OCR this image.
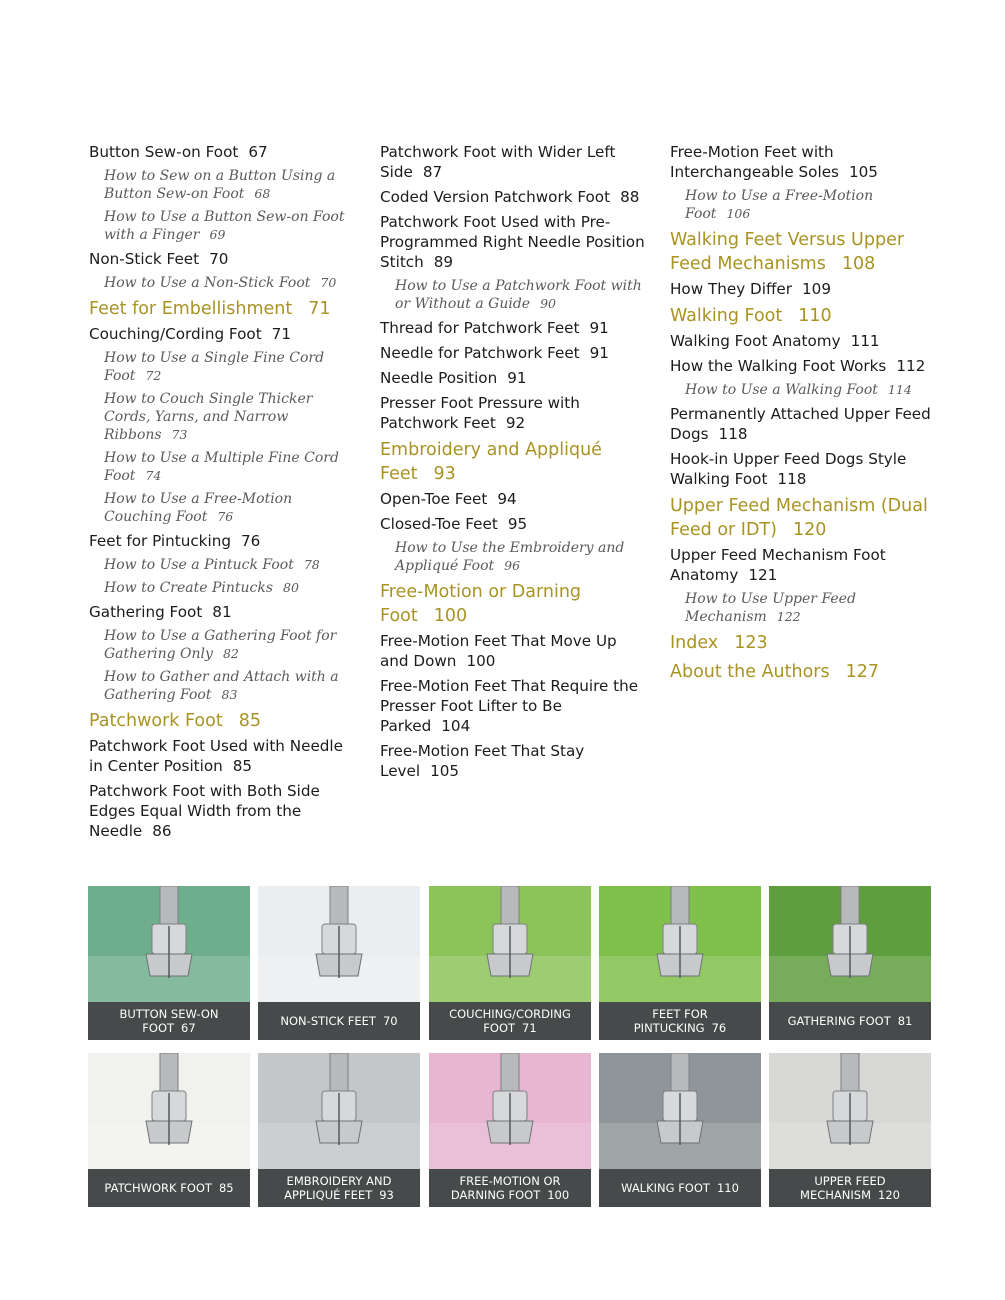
Button Sew-on Foot 67
How to Sew on a Button Using a Button Sew-on Foot 68
How to Use a Button Sew-on Foot with a Finger 69
Non-Stick Feet 70
How to Use a Non-Stick Foot 70
Feet for Embellishment 71
Couching/Cording Foot 71
How to Use a Single Fine Cord Foot 72
How to Couch Single Thicker Cords, Yarns, and Narrow Ribbons 73
How to Use a Multiple Fine Cord Foot 74
How to Use a Free-Motion Couching Foot 76
Feet for Pintucking 76
How to Use a Pintuck Foot 78
How to Create Pintucks 80
Gathering Foot 81
How to Use a Gathering Foot for Gathering Only 82
How to Gather and Attach with a Gathering Foot 83
Patchwork Foot 85
Patchwork Foot Used with Needle in Center Position 85
Patchwork Foot with Both Side Edges Equal Width from the Needle 86
Patchwork Foot with Wider Left Side 87
Coded Version Patchwork Foot 88
Patchwork Foot Used with Pre-Programmed Right Needle Position Stitch 89
How to Use a Patchwork Foot with or Without a Guide 90
Thread for Patchwork Feet 91
Needle for Patchwork Feet 91
Needle Position 91
Presser Foot Pressure with Patchwork Feet 92
Embroidery and Appliqué Feet 93
Open-Toe Feet 94
Closed-Toe Feet 95
How to Use the Embroidery and Appliqué Foot 96
Free-Motion or Darning Foot 100
Free-Motion Feet That Move Up and Down 100
Free-Motion Feet That Require the Presser Foot Lifter to Be Parked 104
Free-Motion Feet That Stay Level 105
Free-Motion Feet with Interchangeable Soles 105
How to Use a Free-Motion Foot 106
Walking Feet Versus Upper Feed Mechanisms 108
How They Differ 109
Walking Foot 110
Walking Foot Anatomy 111
How the Walking Foot Works 112
How to Use a Walking Foot 114
Permanently Attached Upper Feed Dogs 118
Hook-in Upper Feed Dogs Style Walking Foot 118
Upper Feed Mechanism (Dual Feed or IDT) 120
Upper Feed Mechanism Foot Anatomy 121
How to Use Upper Feed Mechanism 122
Index 123
About the Authors 127
BUTTON SEW-ON FOOT 67	NON-STICK FEET 70	COUCHING/CORDING FOOT 71
FEET FOR PINTUCKING 76	GATHERING FOOT 81
PATCHWORK FOOT 85	EMBROIDERY AND APPLIQUÉ FEET 93
FREE-MOTION OR DARNING FOOT 100	WALKING FOOT 110	UPPER FEED MECHANISM 120
